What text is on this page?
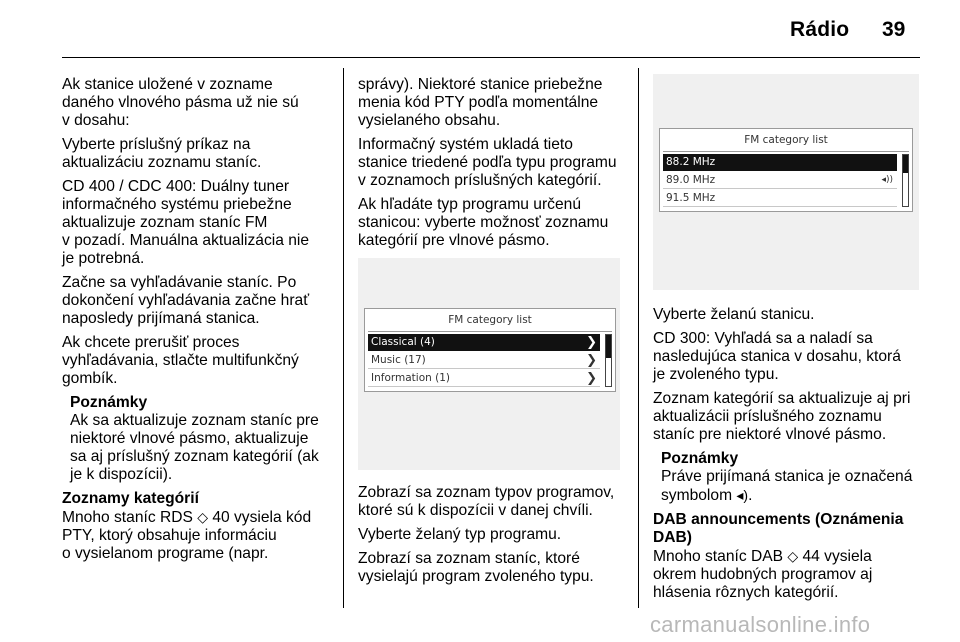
Rádio 39

Ak stanice uložené v zozname
daného vlnového pásma už nie sú
v dosahu:

Vyberte príslušný príkaz na
aktualizáciu zoznamu staníc.

CD 400 / CDC 400: Duálny tuner
informačného systému priebežne
aktualizuje zoznam staníc FM
v pozadí. Manuálna aktualizácia nie
je potrebná.

Začne sa vyhľadávanie staníc. Po
dokončení vyhľadávania začne hrať
naposledy prijímaná stanica.

Ak chcete prerušiť proces
vyhľadávania, stlačte multifunkčný
gombík.

Poznámky
Ak sa aktualizuje zoznam staníc pre
niektoré vlnové pásmo, aktualizuje
sa aj príslušný zoznam kategórií (ak
je k dispozícii).
Zoznamy kategórií

Mnoho staníc RDS ◇ 40 vysiela kód
PTY, ktorý obsahuje informáciu
o vysielanom programe (napr.

správy). Niektoré stanice priebežne
menia kód PTY podľa momentálne
vysielaného obsahu.

Informačný systém ukladá tieto
stanice triedené podľa typu programu
v zoznamoch príslušných kategórií.

Ak hľadáte typ programu určenú
stanicou: vyberte možnosť zoznamu
kategórií pre vlnové pásmo.

FM category list
Classical (4)	❯
Music (17)	❯
Information (1)	❯

Zobrazí sa zoznam typov programov,
ktoré sú k dispozícii v danej chvíli.

Vyberte želaný typ programu.

Zobrazí sa zoznam staníc, ktoré
vysielajú program zvoleného typu.

FM category list
88.2 MHz
89.0 MHz	◂))
91.5 MHz

Vyberte želanú stanicu.

CD 300: Vyhľadá sa a naladí sa
nasledujúca stanica v dosahu, ktorá
je zvoleného typu.

Zoznam kategórií sa aktualizuje aj pri
aktualizácii príslušného zoznamu
staníc pre niektoré vlnové pásmo.

Poznámky
Práve prijímaná stanica je označená
symbolom ◂).
DAB announcements (Oznámenia
DAB)

Mnoho staníc DAB ◇ 44 vysiela
okrem hudobných programov aj
hlásenia rôznych kategórií.

carmanualsonline.info
